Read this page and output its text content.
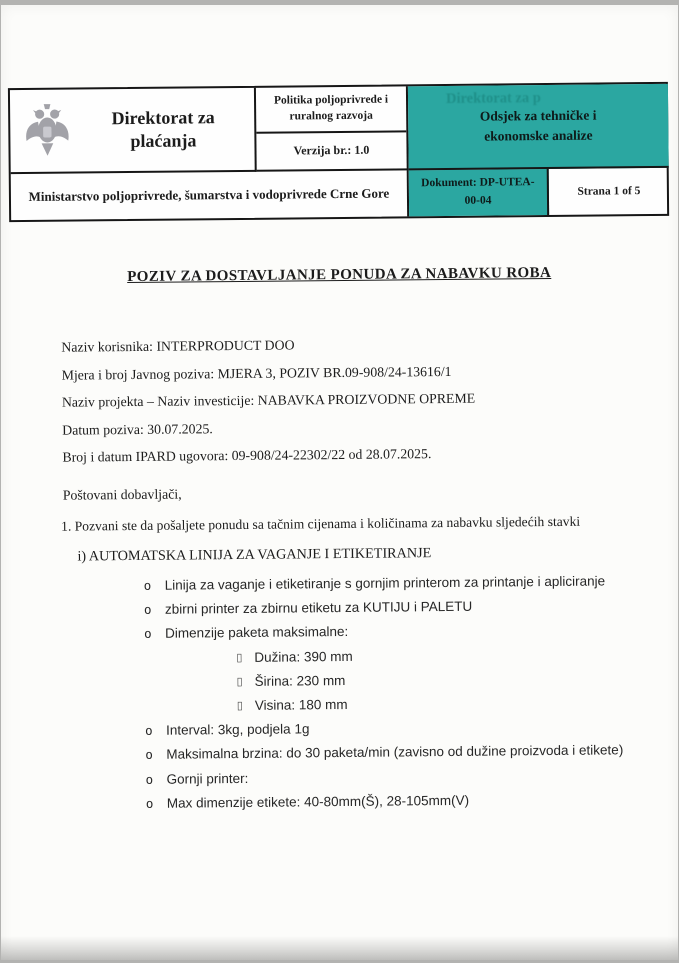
Direktorat za plaćanja
Politika poljoprivrede i ruralnog razvoja
Verzija br.: 1.0
Direktorat za p
Odsjek za tehničke i ekonomske analize
Ministarstvo poljoprivrede, šumarstva i vodoprivrede Crne Gore
Dokument: DP-UTEA-00-04
Strana 1 of 5
POZIV ZA DOSTAVLJANJE PONUDA ZA NABAVKU ROBA
Naziv korisnika: INTERPRODUCT DOO
Mjera i broj Javnog poziva: MJERA 3, POZIV BR.09-908/24-13616/1
Naziv projekta – Naziv investicije: NABAVKA PROIZVODNE OPREME
Datum poziva: 30.07.2025.
Broj i datum IPARD ugovora: 09-908/24-22302/22 od 28.07.2025.
Poštovani dobavljači,
1. Pozvani ste da pošaljete ponudu sa tačnim cijenama i količinama za nabavku sljedećih stavki
i) AUTOMATSKA LINIJA ZA VAGANJE I ETIKETIRANJE
o Linija za vaganje i etiketiranje s gornjim printerom za printanje i apliciranje
o zbirni printer za zbirnu etiketu za KUTIJU i PALETU
o Dimenzije paketa maksimalne:
▯ Dužina: 390 mm
▯ Širina: 230 mm
▯ Visina: 180 mm
o Interval: 3kg, podjela 1g
o Maksimalna brzina: do 30 paketa/min (zavisno od dužine proizvoda i etikete)
o Gornji printer:
o Max dimenzije etikete: 40-80mm(Š), 28-105mm(V)
